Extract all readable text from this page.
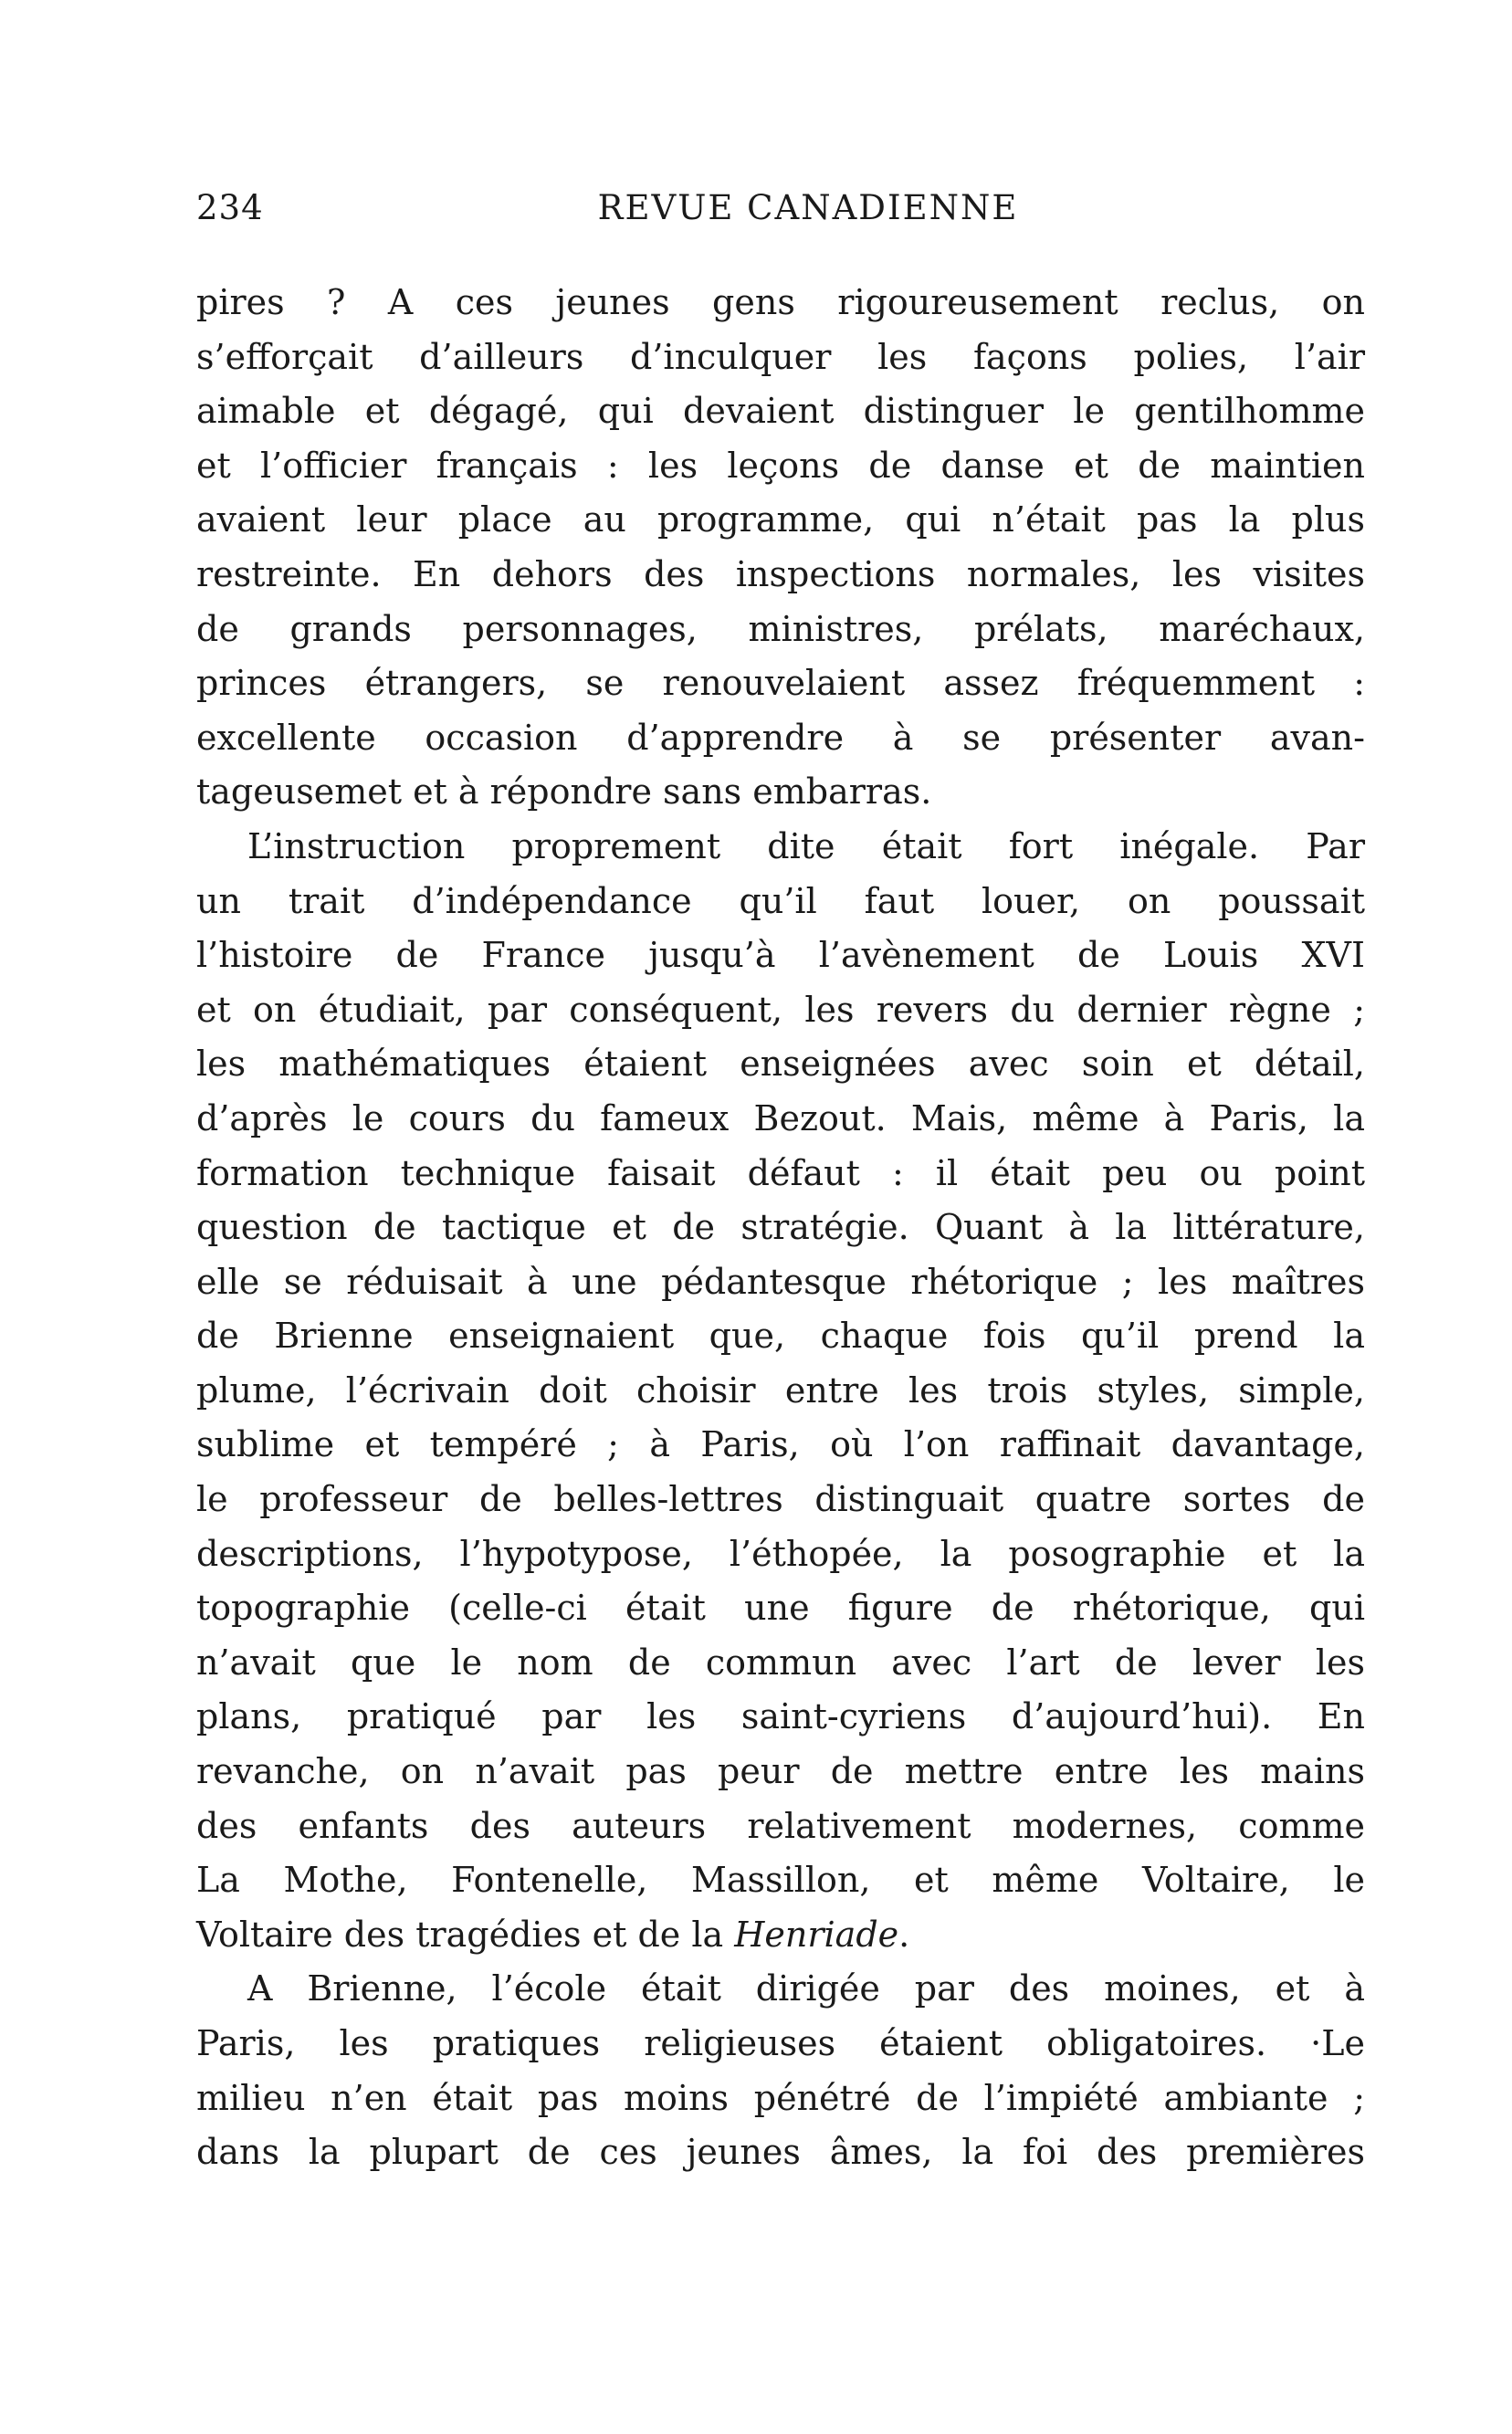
234	REVUE CANADIENNE
pires ? A ces jeunes gens rigoureusement reclus, on
s’efforçait d’ailleurs d’inculquer les façons polies, l’air
aimable et dégagé, qui devaient distinguer le gentilhomme
et l’officier français : les leçons de danse et de maintien
avaient leur place au programme, qui n’était pas la plus
restreinte. En dehors des inspections normales, les visites
de grands personnages, ministres, prélats, maréchaux,
princes étrangers, se renouvelaient assez fréquemment :
excellente occasion d’apprendre à se présenter avan-
tageusemet et à répondre sans embarras.
L’instruction proprement dite était fort inégale. Par
un trait d’indépendance qu’il faut louer, on poussait
l’histoire de France jusqu’à l’avènement de Louis XVI
et on étudiait, par conséquent, les revers du dernier règne ;
les mathématiques étaient enseignées avec soin et détail,
d’après le cours du fameux Bezout. Mais, même à Paris, la
formation technique faisait défaut : il était peu ou point
question de tactique et de stratégie. Quant à la littérature,
elle se réduisait à une pédantesque rhétorique ; les maîtres
de Brienne enseignaient que, chaque fois qu’il prend la
plume, l’écrivain doit choisir entre les trois styles, simple,
sublime et tempéré ; à Paris, où l’on raffinait davantage,
le professeur de belles-lettres distinguait quatre sortes de
descriptions, l’hypotypose, l’éthopée, la posographie et la
topographie (celle-ci était une figure de rhétorique, qui
n’avait que le nom de commun avec l’art de lever les
plans, pratiqué par les saint-cyriens d’aujourd’hui). En
revanche, on n’avait pas peur de mettre entre les mains
des enfants des auteurs relativement modernes, comme
La Mothe, Fontenelle, Massillon, et même Voltaire, le
Voltaire des tragédies et de la Henriade.
A Brienne, l’école était dirigée par des moines, et à
Paris, les pratiques religieuses étaient obligatoires. ·Le
milieu n’en était pas moins pénétré de l’impiété ambiante ;
dans la plupart de ces jeunes âmes, la foi des premières
